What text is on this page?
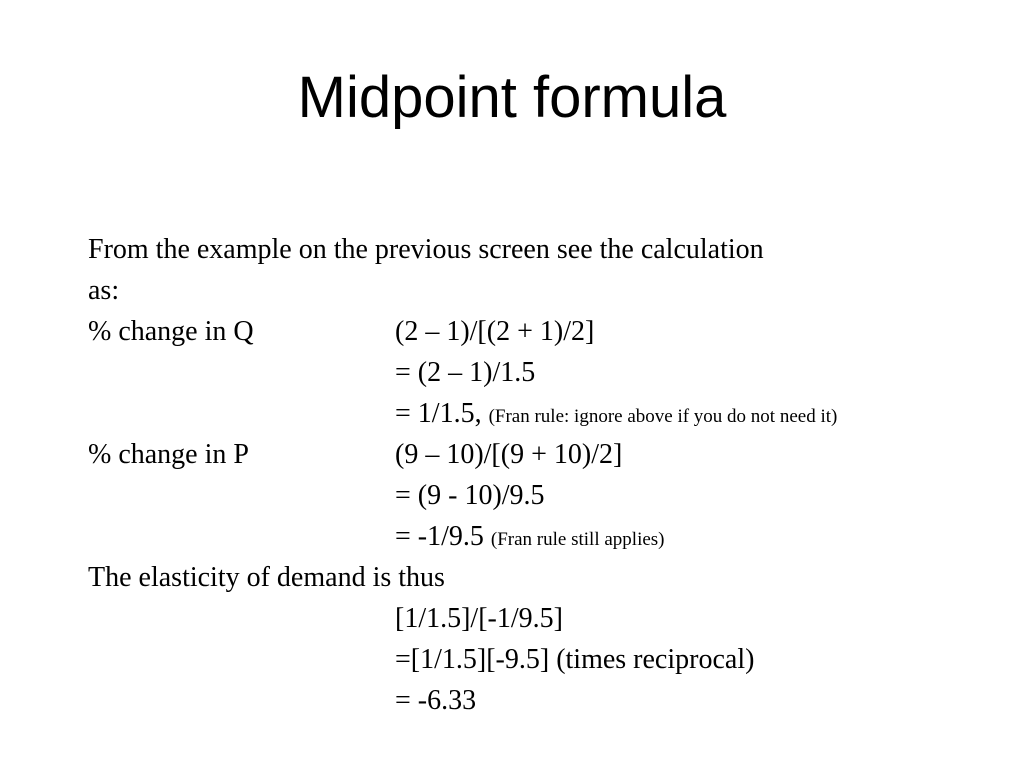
Midpoint formula
From the example on the previous screen see the calculation
as:
% change in Q	(2 – 1)/[(2 + 1)/2]
= (2 – 1)/1.5
= 1/1.5, (Fran rule: ignore above if you do not need it)
% change in P	(9 – 10)/[(9 + 10)/2]
= (9 - 10)/9.5
= -1/9.5 (Fran rule still applies)
The elasticity of demand is thus
[1/1.5]/[-1/9.5]
=[1/1.5][-9.5] (times reciprocal)
= -6.33
